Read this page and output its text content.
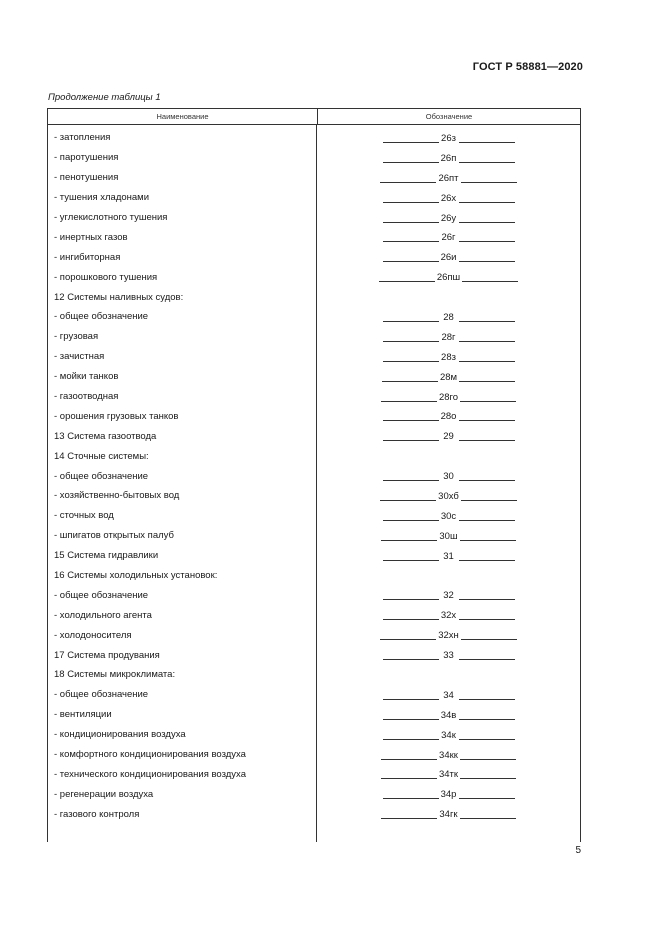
ГОСТ Р 58881—2020
Продолжение таблицы 1
Наименование	Обозначение
- затопления	26з
- паротушения	26п
- пенотушения	26пт
- тушения хладонами	26х
- углекислотного тушения	26у
- инертных газов	26г
- ингибиторная	26и
- порошкового тушения	26пш
12 Системы наливных судов:
- общее обозначение	28
- грузовая	28г
- зачистная	28з
- мойки танков	28м
- газоотводная	28го
- орошения грузовых танков	28о
13 Система газоотвода	29
14 Сточные системы:
- общее обозначение	30
- хозяйственно-бытовых вод	30хб
- сточных вод	30с
- шпигатов открытых палуб	30ш
15 Система гидравлики	31
16 Системы холодильных установок:
- общее обозначение	32
- холодильного агента	32х
- холодоносителя	32хн
17 Система продувания	33
18 Системы микроклимата:
- общее обозначение	34
- вентиляции	34в
- кондиционирования воздуха	34к
- комфортного кондиционирования воздуха	34кк
- технического кондиционирования воздуха	34тк
- регенерации воздуха	34р
- газового контроля	34гк
5
